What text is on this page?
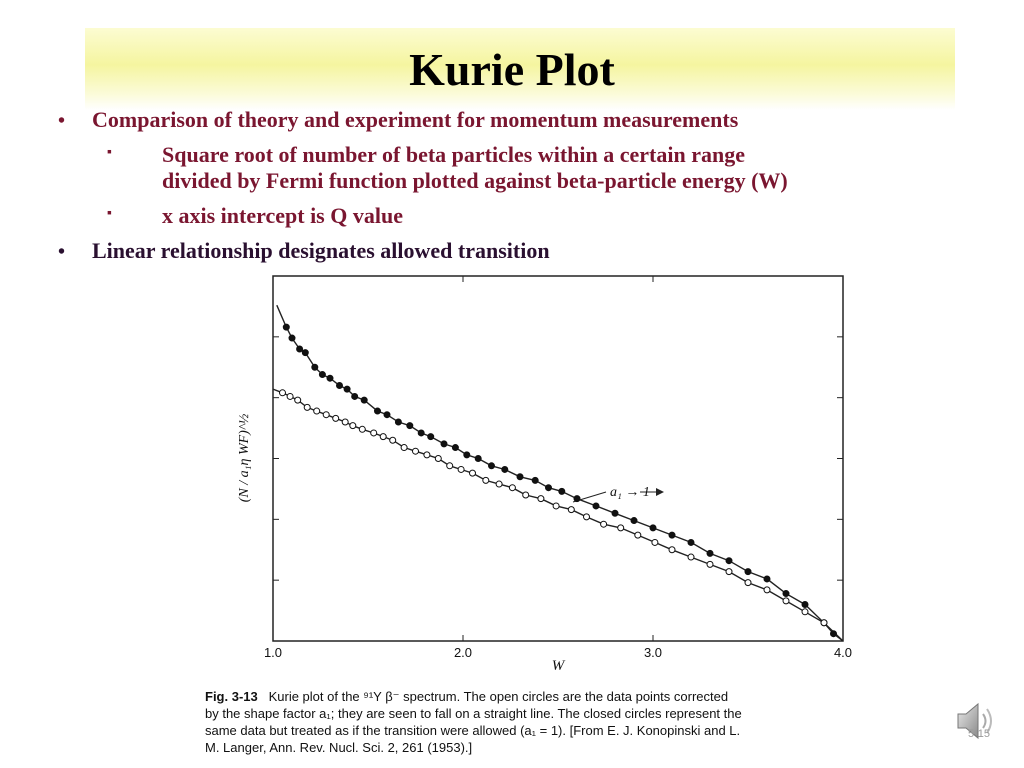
Kurie Plot
• Comparison of theory and experiment for momentum measurements
▪ Square root of number of beta particles within a certain range
divided by Fermi function plotted against beta-particle energy (W)
▪ x axis intercept is Q value
• Linear relationship designates allowed transition
1.0	2.0	3.0	4.0
(N / a₁η WF)^½	a₁ → 1
W
Fig. 3-13 Kurie plot of the ⁹¹Y β⁻ spectrum. The open circles are the data points corrected
by the shape factor a₁; they are seen to fall on a straight line. The closed circles represent the
same data but treated as if the transition were allowed (a₁ = 1). [From E. J. Konopinski and L.
M. Langer, Ann. Rev. Nucl. Sci. 2, 261 (1953).]
5-15
